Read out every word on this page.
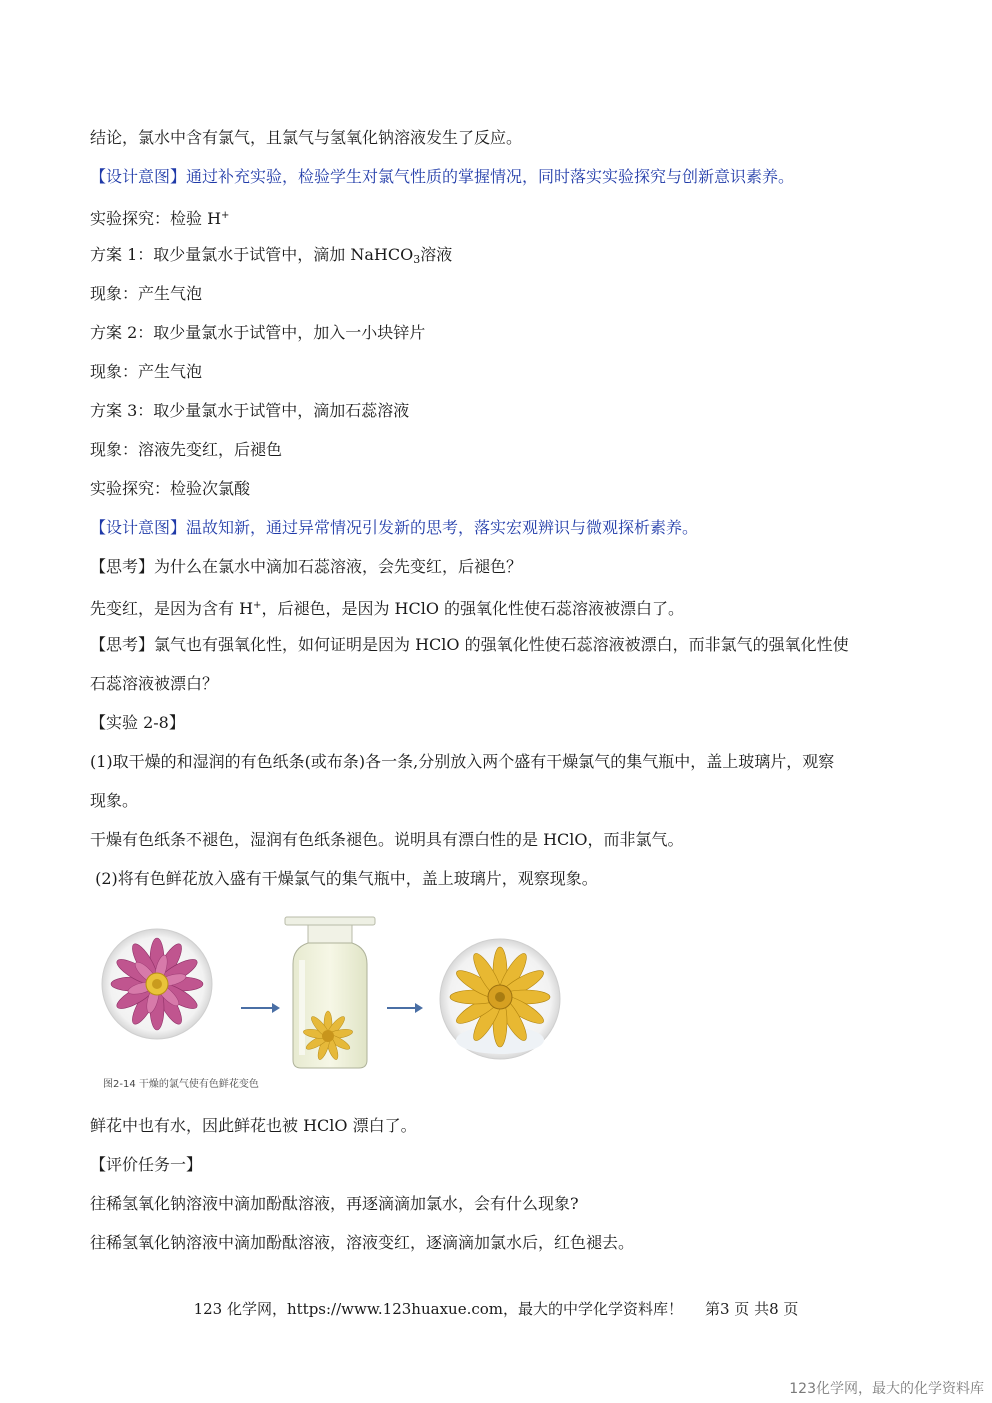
结论，氯水中含有氯气，且氯气与氢氧化钠溶液发生了反应。
【设计意图】通过补充实验，检验学生对氯气性质的掌握情况，同时落实实验探究与创新意识素养。
实验探究：检验 H+
方案 1：取少量氯水于试管中，滴加 NaHCO$_3$溶液
现象：产生气泡
方案 2：取少量氯水于试管中，加入一小块锌片
现象：产生气泡
方案 3：取少量氯水于试管中，滴加石蕊溶液
现象：溶液先变红，后褪色
实验探究：检验次氯酸
【设计意图】温故知新，通过异常情况引发新的思考，落实宏观辨识与微观探析素养。
【思考】为什么在氯水中滴加石蕊溶液，会先变红，后褪色？
先变红，是因为含有 H+，后褪色，是因为 HClO 的强氧化性使石蕊溶液被漂白了。
【思考】氯气也有强氧化性，如何证明是因为 HClO 的强氧化性使石蕊溶液被漂白，而非氯气的强氧化性使
石蕊溶液被漂白？
【实验 2-8】
(1)取干燥的和湿润的有色纸条(或布条)各一条,分别放入两个盛有干燥氯气的集气瓶中，盖上玻璃片，观察
现象。
干燥有色纸条不褪色，湿润有色纸条褪色。说明具有漂白性的是 HClO，而非氯气。
(2)将有色鲜花放入盛有干燥氯气的集气瓶中，盖上玻璃片，观察现象。
图2-14 干燥的氯气使有色鲜花变色
鲜花中也有水，因此鲜花也被 HClO 漂白了。
【评价任务一】
往稀氢氧化钠溶液中滴加酚酞溶液，再逐滴滴加氯水，会有什么现象?
往稀氢氧化钠溶液中滴加酚酞溶液，溶液变红，逐滴滴加氯水后，红色褪去。
123 化学网，https://www.123huaxue.com，最大的中学化学资料库！ 第3 页 共8 页
123化学网，最大的化学资料库
